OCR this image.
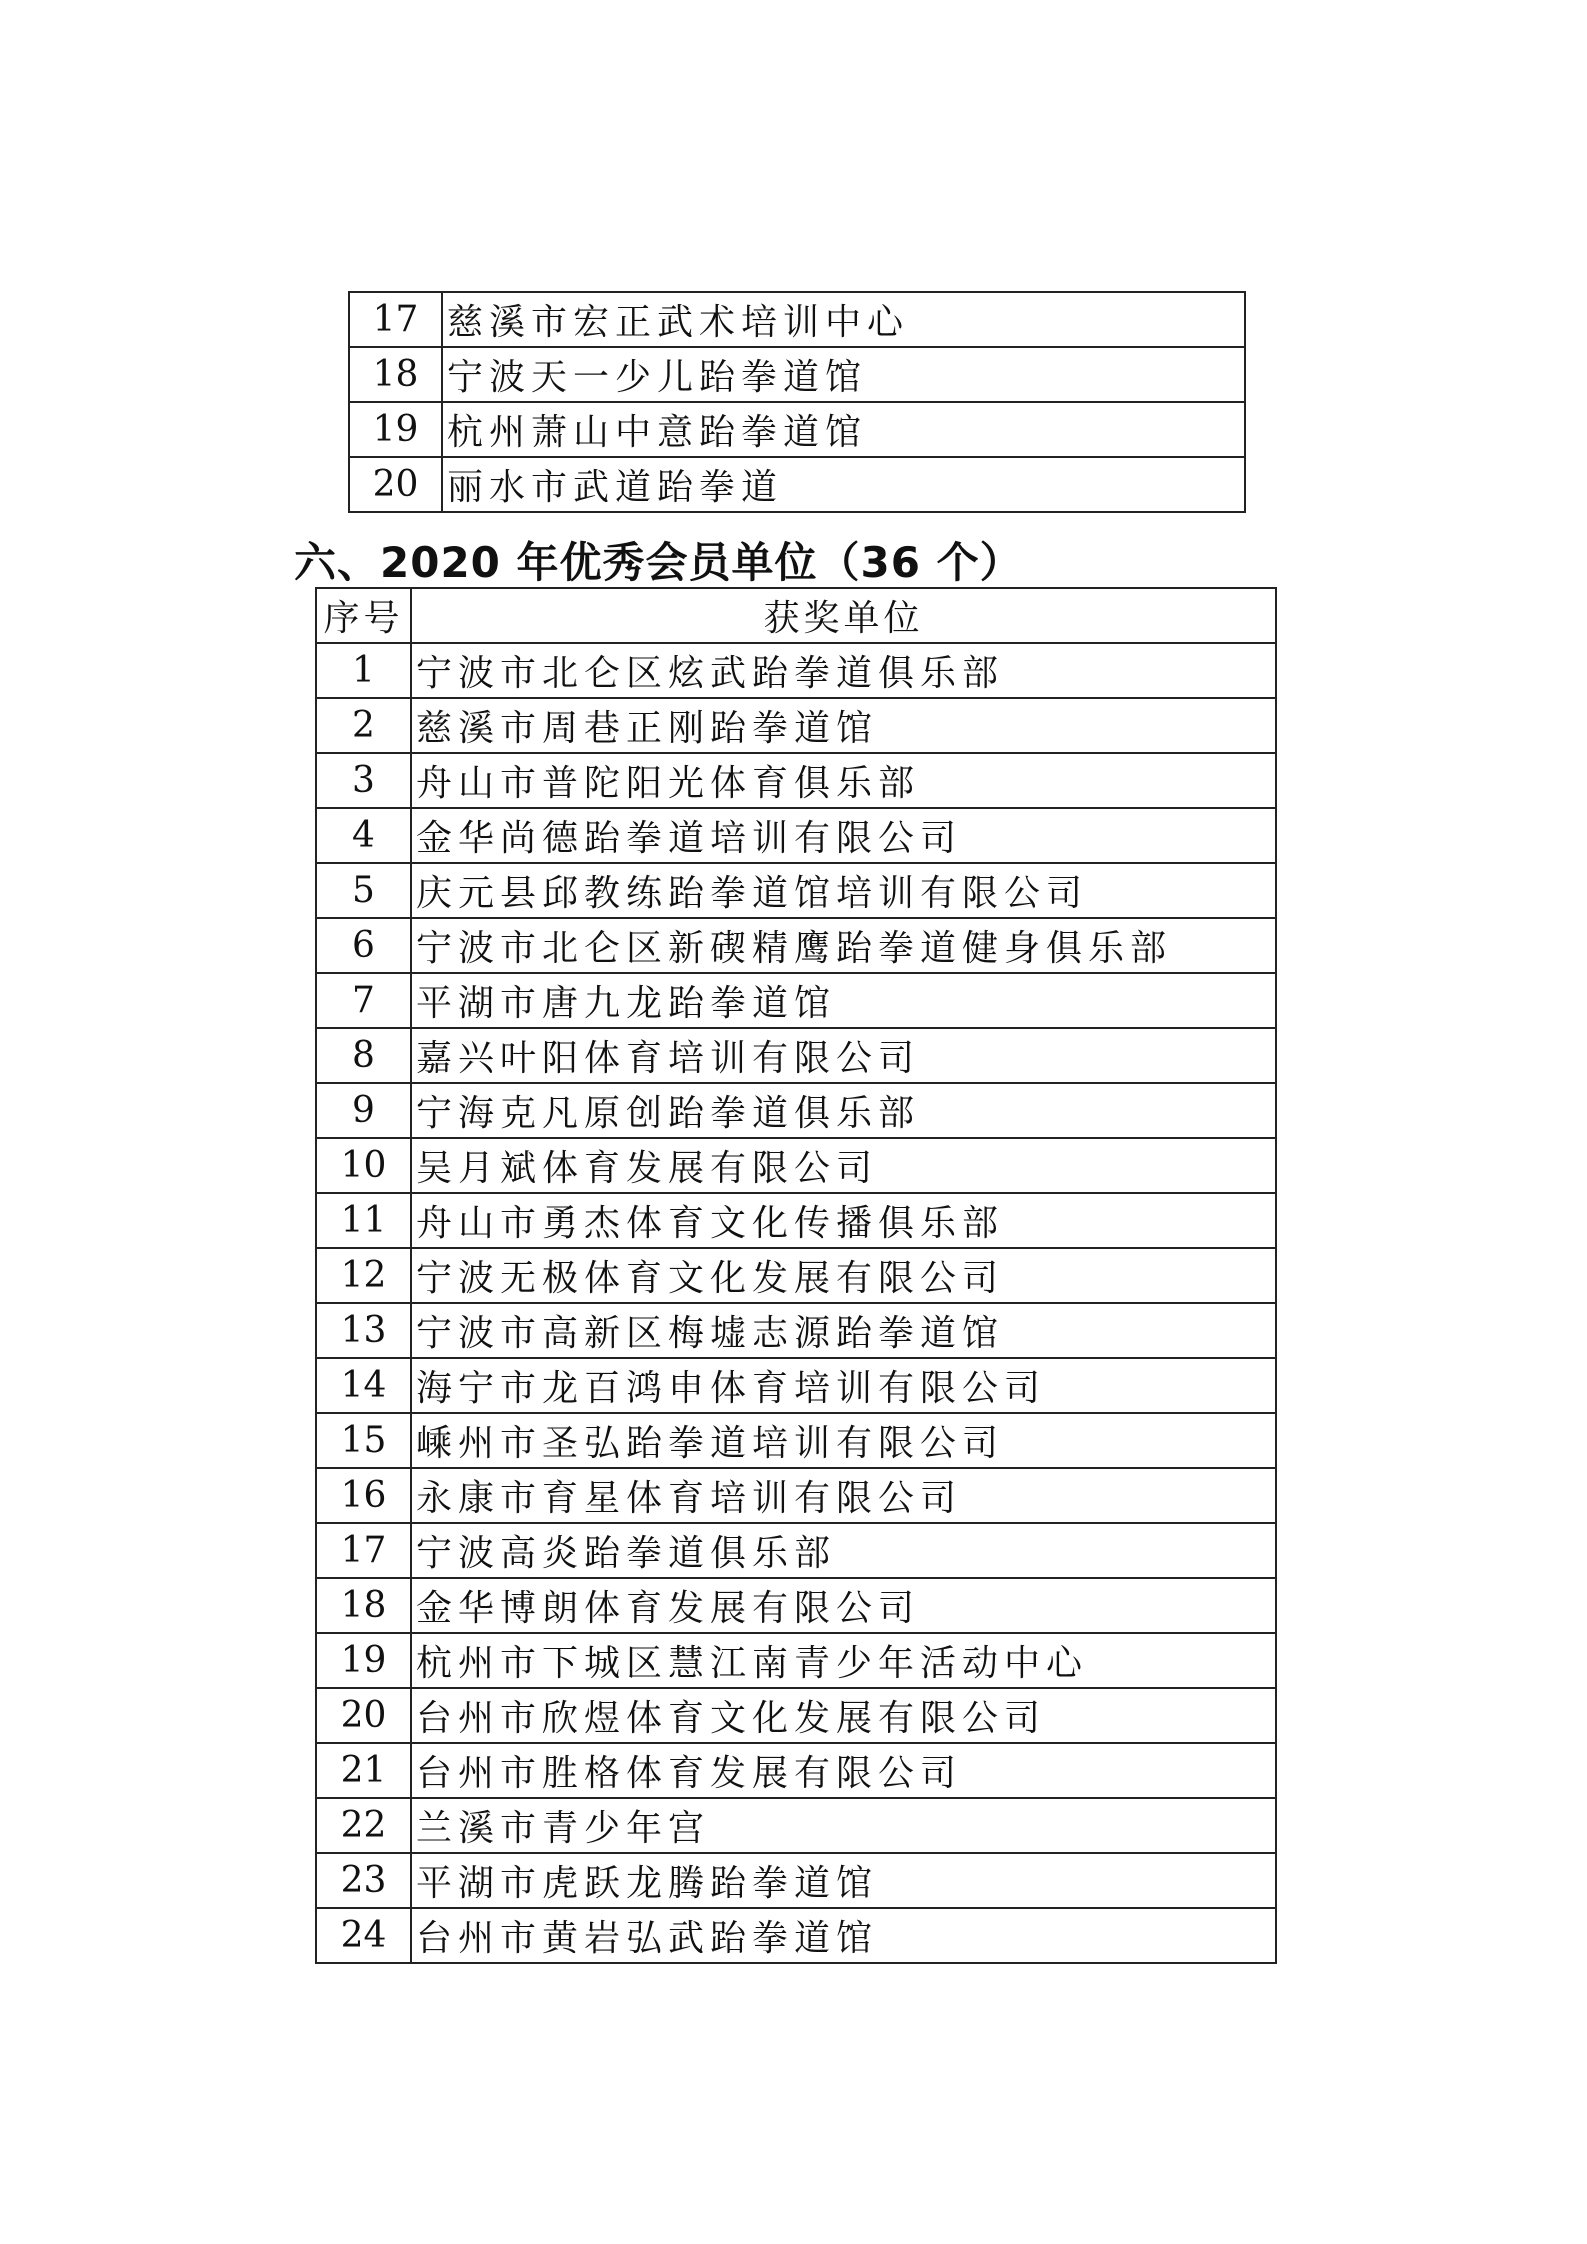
17	慈溪市宏正武术培训中心
18	宁波天一少儿跆拳道馆
19	杭州萧山中意跆拳道馆
20	丽水市武道跆拳道
六、2020 年优秀会员单位（36 个）
序号	获奖单位
1	宁波市北仑区炫武跆拳道俱乐部
2	慈溪市周巷正刚跆拳道馆
3	舟山市普陀阳光体育俱乐部
4	金华尚德跆拳道培训有限公司
5	庆元县邱教练跆拳道馆培训有限公司
6	宁波市北仑区新碶精鹰跆拳道健身俱乐部
7	平湖市唐九龙跆拳道馆
8	嘉兴叶阳体育培训有限公司
9	宁海克凡原创跆拳道俱乐部
10	吴月斌体育发展有限公司
11	舟山市勇杰体育文化传播俱乐部
12	宁波无极体育文化发展有限公司
13	宁波市高新区梅墟志源跆拳道馆
14	海宁市龙百鸿申体育培训有限公司
15	嵊州市圣弘跆拳道培训有限公司
16	永康市育星体育培训有限公司
17	宁波高炎跆拳道俱乐部
18	金华博朗体育发展有限公司
19	杭州市下城区慧江南青少年活动中心
20	台州市欣煜体育文化发展有限公司
21	台州市胜格体育发展有限公司
22	兰溪市青少年宫
23	平湖市虎跃龙腾跆拳道馆
24	台州市黄岩弘武跆拳道馆
